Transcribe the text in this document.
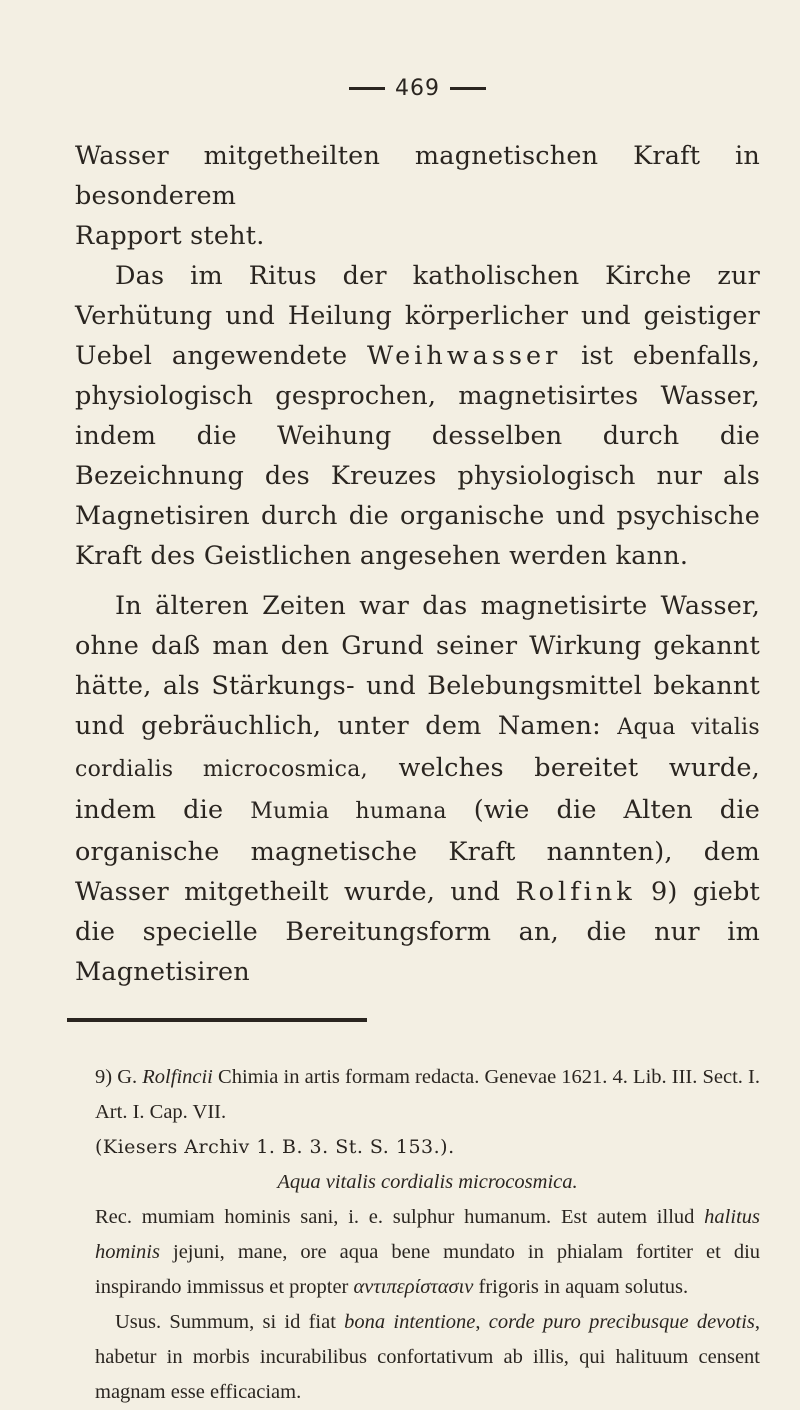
469

Wasser mitgetheilten magnetischen Kraft in besonderem
Rapport steht.

Das im Ritus der katholischen Kirche zur Verhütung und Heilung körperlicher und geistiger Uebel angewendete Weihwasser ist ebenfalls, physiologisch gesprochen, magnetisirtes Wasser, indem die Weihung desselben durch die Bezeichnung des Kreuzes physiologisch nur als Magnetisiren durch die organische und psychische Kraft des Geistlichen angesehen werden kann.

In älteren Zeiten war das magnetisirte Wasser, ohne daß man den Grund seiner Wirkung gekannt hätte, als Stärkungs- und Belebungsmittel bekannt und gebräuchlich, unter dem Namen: Aqua vitalis cordialis microcosmica, welches bereitet wurde, indem die Mumia humana (wie die Alten die organische magnetische Kraft nannten), dem Wasser mitgetheilt wurde, und Rolfink 9) giebt die specielle Bereitungsform an, die nur im Magnetisiren

9) G. Rolfincii Chimia in artis formam redacta. Genevae 1621. 4. Lib. III. Sect. I. Art. I. Cap. VII.
(Kiesers Archiv 1. B. 3. St. S. 153.).

Aqua vitalis cordialis microcosmica.

Rec. mumiam hominis sani, i. e. sulphur humanum. Est autem illud halitus hominis jejuni, mane, ore aqua bene mundato in phialam fortiter et diu inspirando immissus et propter αντιπερίστασιν frigoris in aquam solutus.

Usus. Summum, si id fiat bona intentione, corde puro precibusque devotis, habetur in morbis incurabilibus confortativum ab illis, qui halituum censent magnam esse efficaciam.
